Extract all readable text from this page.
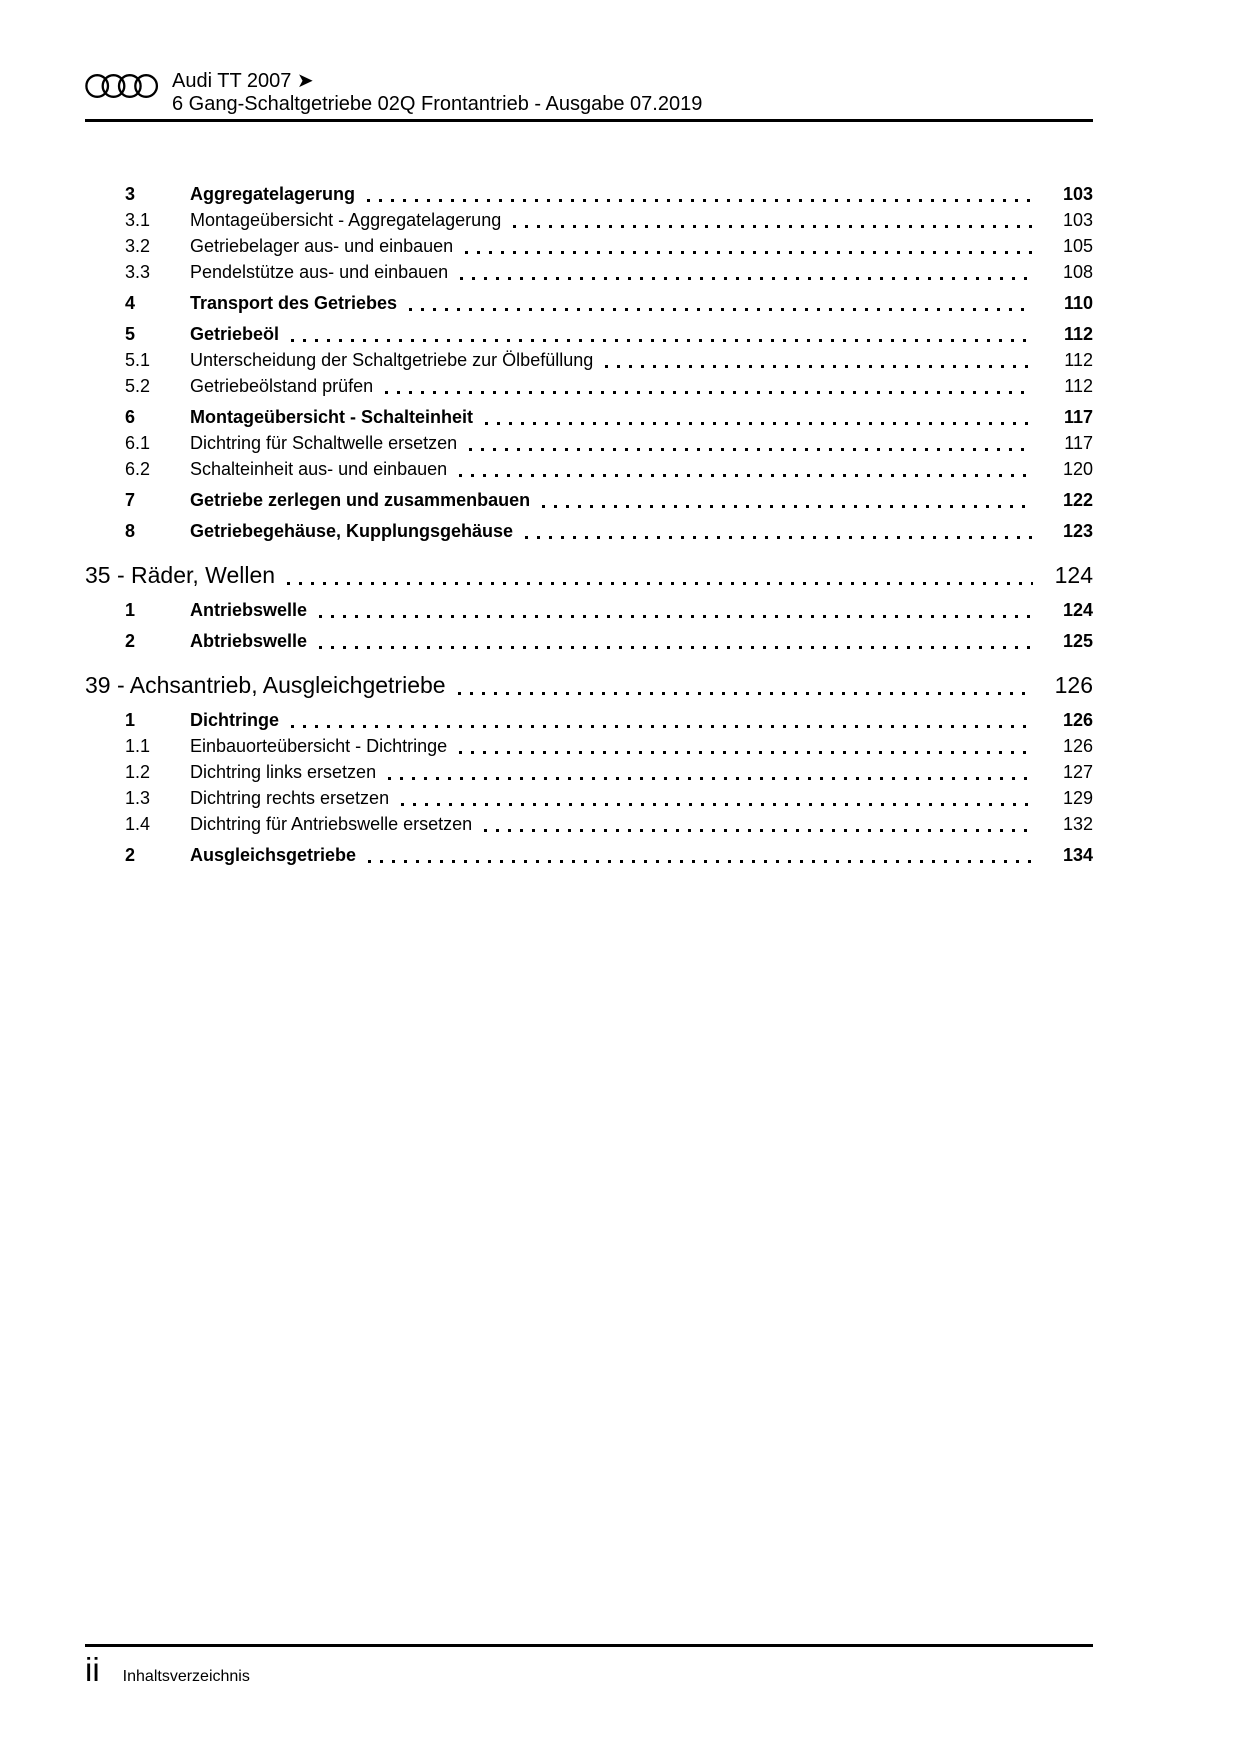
Audi TT 2007 ➤
6 Gang-Schaltgetriebe 02Q Frontantrieb - Ausgabe 07.2019
3	Aggregatelagerung	103
3.1	Montageübersicht - Aggregatelagerung	103
3.2	Getriebelager aus- und einbauen	105
3.3	Pendelstütze aus- und einbauen	108
4	Transport des Getriebes	110
5	Getriebeöl	112
5.1	Unterscheidung der Schaltgetriebe zur Ölbefüllung	112
5.2	Getriebeölstand prüfen	112
6	Montageübersicht - Schalteinheit	117
6.1	Dichtring für Schaltwelle ersetzen	117
6.2	Schalteinheit aus- und einbauen	120
7	Getriebe zerlegen und zusammenbauen	122
8	Getriebegehäuse, Kupplungsgehäuse	123
35 - Räder, Wellen	124
1	Antriebswelle	124
2	Abtriebswelle	125
39 - Achsantrieb, Ausgleichgetriebe	126
1	Dichtringe	126
1.1	Einbauorteübersicht - Dichtringe	126
1.2	Dichtring links ersetzen	127
1.3	Dichtring rechts ersetzen	129
1.4	Dichtring für Antriebswelle ersetzen	132
2	Ausgleichsgetriebe	134
ii Inhaltsverzeichnis
